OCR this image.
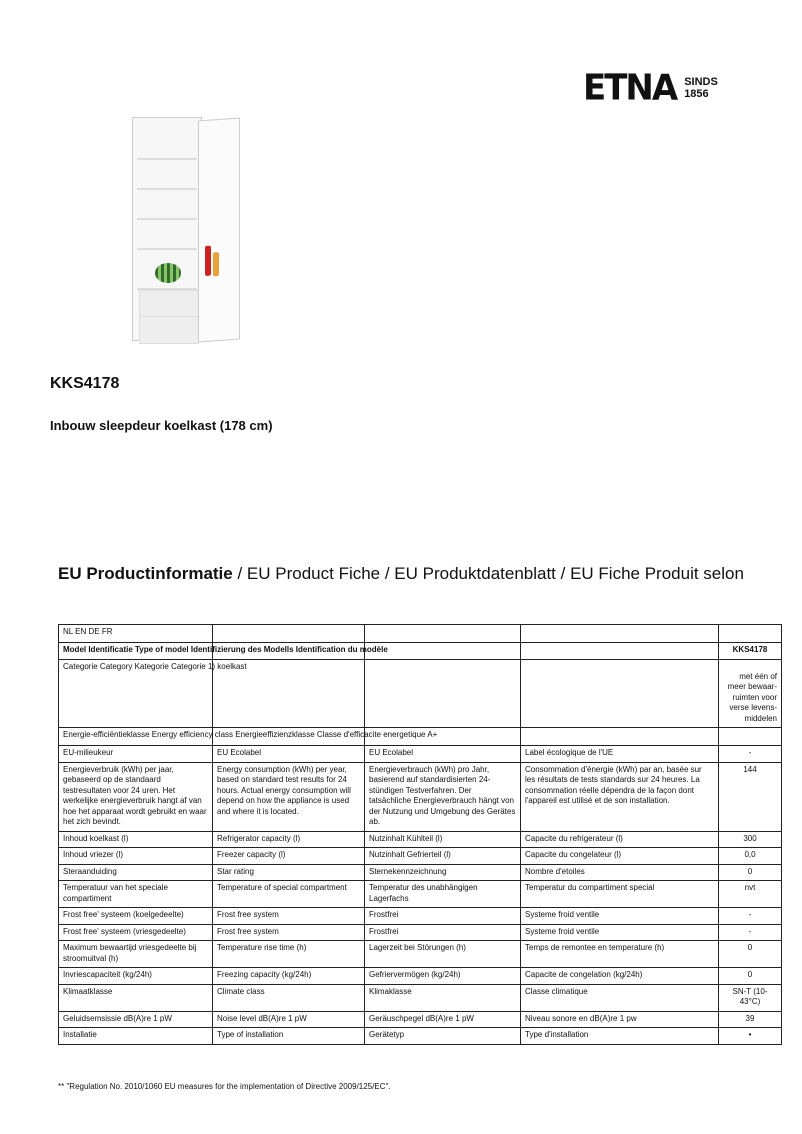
ETNA SINDS
1856
KKS4178
Inbouw sleepdeur koelkast (178 cm)
EU Productinformatie / EU Product Fiche / EU Produktdatenblatt / EU Fiche Produit selon
NL EN DE FR				
Model Identificatie Type of model Identifizierung des Modells Identification du modèle				KKS4178
Categorie Category Kategorie Categorie 1) koelkast				met één of meer bewaar-ruimten voor verse levens-middelen
Energie-efficiëntieklasse Energy efficiency class Energieeffizienzklasse Classe d'efficacite energetique A+				
EU-milieukeur	EU Ecolabel	EU Ecolabel	Label écologique de l'UE	-
Energieverbruik (kWh) per jaar, gebaseerd op de standaard testresultaten voor 24 uren. Het werkelijke energieverbruik hangt af van hoe het apparaat wordt gebruikt en waar het zich bevindt.	Energy consumption (kWh) per year, based on standard test results for 24 hours. Actual energy consumption will depend on how the appliance is used and where it is located.	Energieverbrauch (kWh) pro Jahr, basierend auf standardisierten 24-stündigen Testverfahren. Der tatsächliche Energieverbrauch hängt von der Nutzung und Umgebung des Gerätes ab.	Consommation d'énergie (kWh) par an, basée sur les résultats de tests standards sur 24 heures. La consommation réelle dépendra de la façon dont l'appareil est utilisé et de son installation.	144
Inhoud koelkast (l)	Refrigerator capacity (l)	Nutzinhalt Kühlteil (l)	Capacite du refrigerateur (l)	300
Inhoud vriezer (l)	Freezer capacity (l)	Nutzinhalt Gefrierteil (l)	Capacite du congelateur (l)	0,0
Steraanduiding	Star rating	Sternekennzeichnung	Nombre d'etoiles	0
Temperatuur van het speciale compartiment	Temperature of special compartment	Temperatur des unabhängigen Lagerfachs	Temperatur du compartiment special	nvt
Frost free' systeem (koelgedeelte)	Frost free system	Frostfrei	Systeme froid ventile	-
Frost free' systeem (vriesgedeelte)	Frost free system	Frostfrei	Systeme froid ventile	-
Maximum bewaartijd vriesgedeelte bij stroomuitval (h)	Temperature rise time (h)	Lagerzeit bei Störungen (h)	Temps de remontee en temperature (h)	0
Invriescapaciteit (kg/24h)	Freezing capacity (kg/24h)	Gefriervermögen (kg/24h)	Capacite de congelation (kg/24h)	0
Klimaatklasse	Climate class	Klimaklasse	Classe climatique	SN-T (10-43°C)
Geluidsemsissie dB(A)re 1 pW	Noise level dB(A)re 1 pW	Geräuschpegel dB(A)re 1 pW	Niveau sonore en dB(A)re 1 pw	39
Installatie	Type of installation	Gerätetyp	Type d'installation	•
** "Regulation No. 2010/1060 EU measures for the implementation of Directive 2009/125/EC".
